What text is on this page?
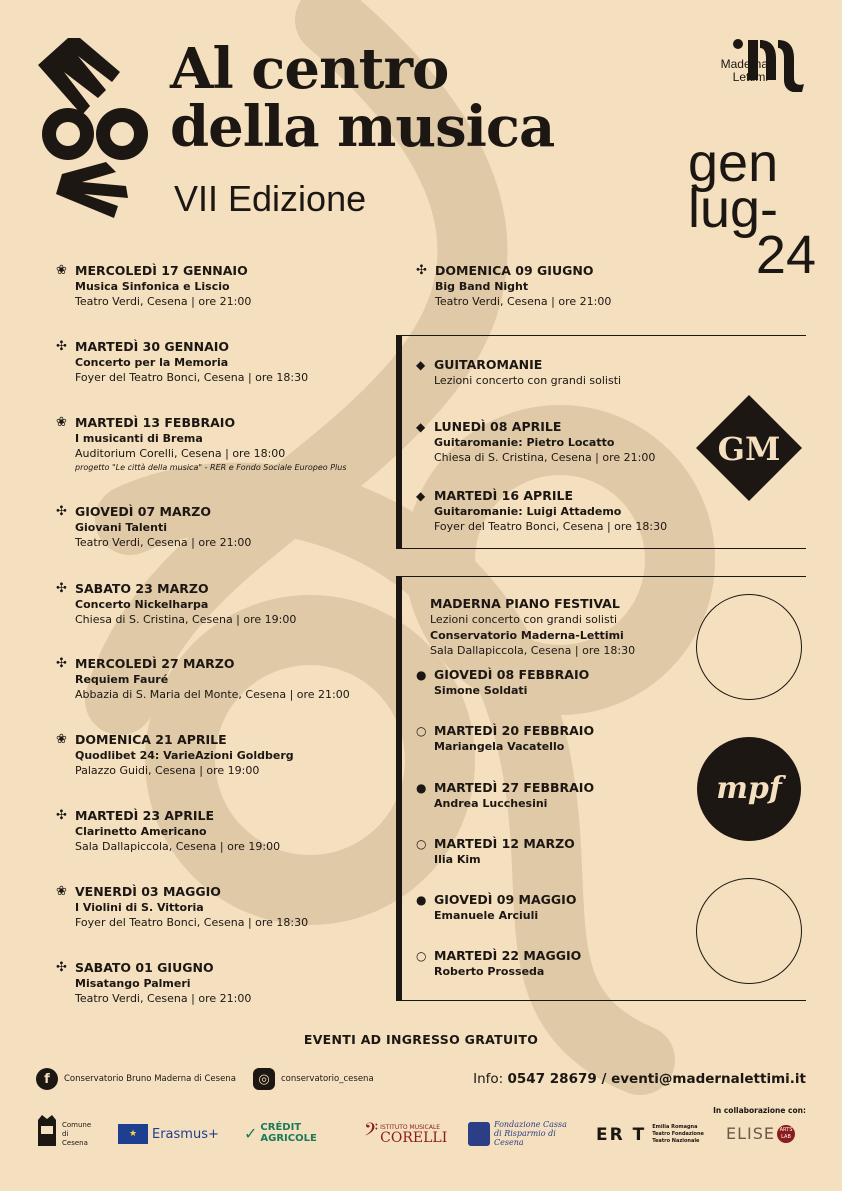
Al centro
della musica
VII Edizione
Maderna
Lettimi
gen
lug-
24
❀ MERCOLEDÌ 17 GENNAIO
Musica Sinfonica e Liscio
Teatro Verdi, Cesena | ore 21:00
✣ MARTEDÌ 30 GENNAIO
Concerto per la Memoria
Foyer del Teatro Bonci, Cesena | ore 18:30
❀ MARTEDÌ 13 FEBBRAIO
I musicanti di Brema
Auditorium Corelli, Cesena | ore 18:00
progetto "Le città della musica" - RER e Fondo Sociale Europeo Plus
✣ GIOVEDÌ 07 MARZO
Giovani Talenti
Teatro Verdi, Cesena | ore 21:00
✣ SABATO 23 MARZO
Concerto Nickelharpa
Chiesa di S. Cristina, Cesena | ore 19:00
✣ MERCOLEDÌ 27 MARZO
Requiem Fauré
Abbazia di S. Maria del Monte, Cesena | ore 21:00
❀ DOMENICA 21 APRILE
Quodlibet 24: VarieAzioni Goldberg
Palazzo Guidi, Cesena | ore 19:00
✣ MARTEDÌ 23 APRILE
Clarinetto Americano
Sala Dallapiccola, Cesena | ore 19:00
❀ VENERDÌ 03 MAGGIO
I Violini di S. Vittoria
Foyer del Teatro Bonci, Cesena | ore 18:30
✣ SABATO 01 GIUGNO
Misatango Palmeri
Teatro Verdi, Cesena | ore 21:00
✣ DOMENICA 09 GIUGNO
Big Band Night
Teatro Verdi, Cesena | ore 21:00
◆ GUITAROMANIE
Lezioni concerto con grandi solisti
◆ LUNEDÌ 08 APRILE
Guitaromanie: Pietro Locatto
Chiesa di S. Cristina, Cesena | ore 21:00
◆ MARTEDÌ 16 APRILE
Guitaromanie: Luigi Attademo
Foyer del Teatro Bonci, Cesena | ore 18:30
GM
MADERNA PIANO FESTIVAL
Lezioni concerto con grandi solisti
Conservatorio Maderna-Lettimi
Sala Dallapiccola, Cesena | ore 18:30
● GIOVEDÌ 08 FEBBRAIO
Simone Soldati
○ MARTEDÌ 20 FEBBRAIO
Mariangela Vacatello
● MARTEDÌ 27 FEBBRAIO
Andrea Lucchesini
○ MARTEDÌ 12 MARZO
Ilia Kim
● GIOVEDÌ 09 MAGGIO
Emanuele Arciuli
○ MARTEDÌ 22 MAGGIO
Roberto Prosseda
mpf
EVENTI AD INGRESSO GRATUITO
f	Conservatorio Bruno Maderna di Cesena	◎	conservatorio_cesena	Info: 0547 28679 / eventi@madernalettimi.it
In collaborazione con:
Comune di Cesena
★	Erasmus+ ✓ CRÉDIT
AGRICOLE 𝄢 ISTITUTO MUSICALE
CORELLI
Fondazione Cassa di Risparmio di Cesena	ER T Emilia Romagna Teatro Fondazione Teatro Nazionale ELISE ARTS LAB
